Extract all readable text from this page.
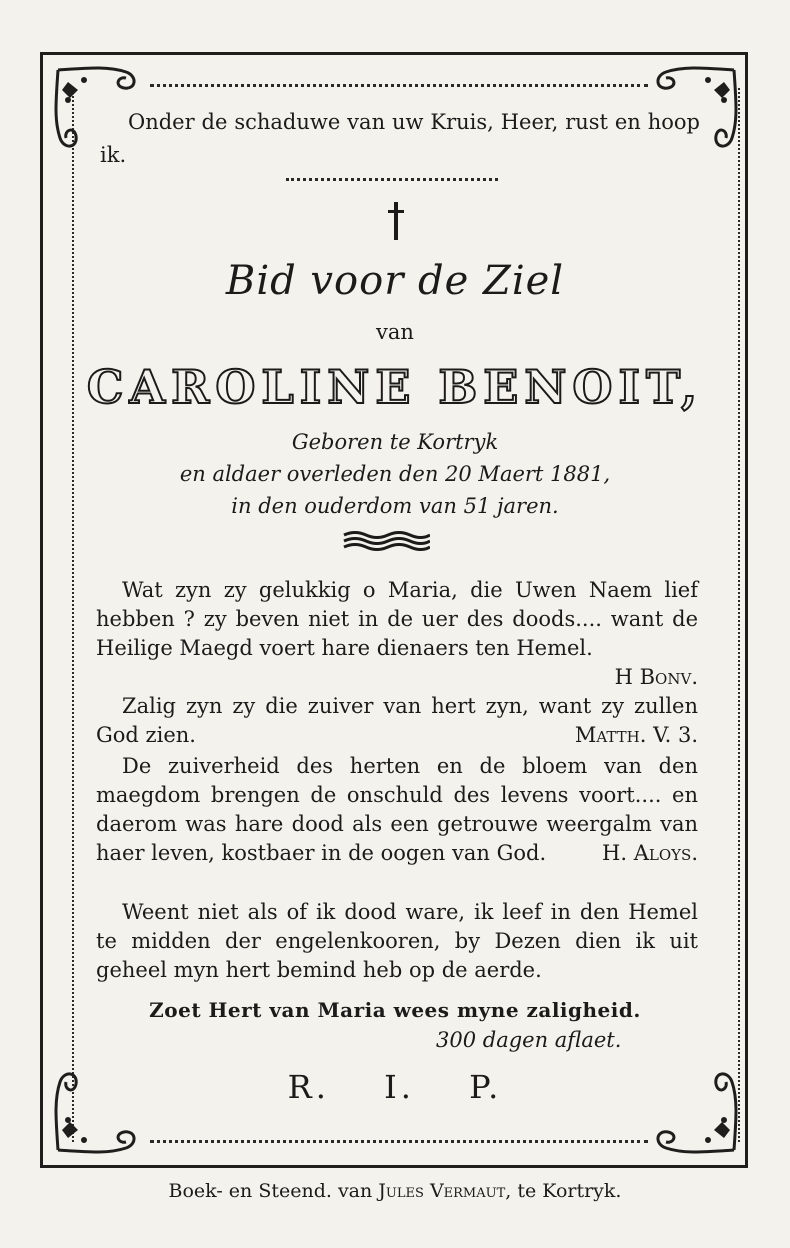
Onder de schaduwe van uw Kruis, Heer, rust en hoop ik.
Bid voor de Ziel
van
CAROLINE BENOIT,
Geboren te Kortryk
en aldaer overleden den 20 Maert 1881,
in den ouderdom van 51 jaren.

Wat zyn zy gelukkig o Maria, die Uwen Naem lief hebben ? zy beven niet in de uer des doods.... want de Heilige Maegd voert hare dienaers ten Hemel.

H Bonv.

Zalig zyn zy die zuiver van hert zyn, want zy zullen God zien.	Matth. V. 3.

De zuiverheid des herten en de bloem van den maegdom brengen de onschuld des levens voort.... en daerom was hare dood als een getrouwe weergalm van haer leven, kostbaer in de oogen van God.	H. Aloys.

Weent niet als of ik dood ware, ik leef in den Hemel te midden der engelenkooren, by Dezen dien ik uit geheel myn hert bemind heb op de aerde.

Zoet Hert van Maria wees myne zaligheid.
300 dagen aflaet.
R. I. P.
Boek- en Steend. van Jules Vermaut, te Kortryk.
